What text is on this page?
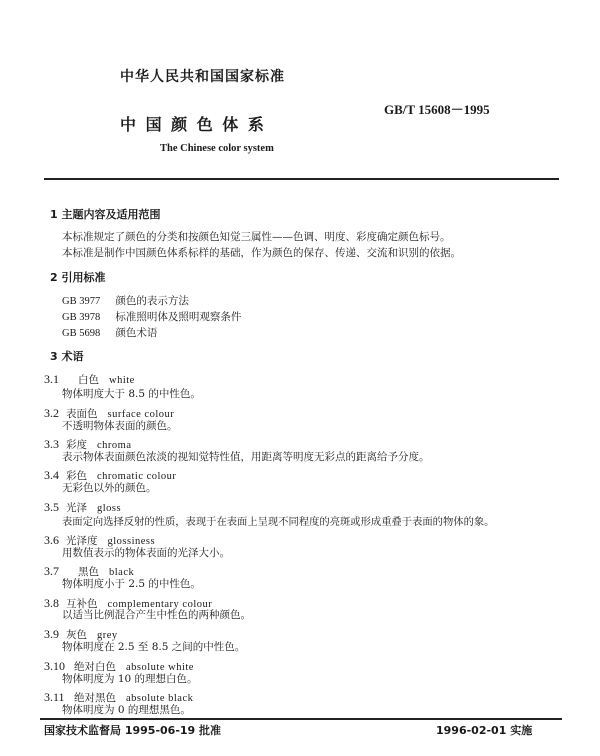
中华人民共和国国家标准
GB/T 15608－1995
中 国 颜 色 体 系
The Chinese color system
1 主题内容及适用范围
本标准规定了颜色的分类和按颜色知觉三属性——色调、明度、彩度确定颜色标号。
本标准是制作中国颜色体系标样的基础，作为颜色的保存、传递、交流和识别的依据。
2 引用标准
GB 3977 颜色的表示方法
GB 3978 标准照明体及照明观察条件
GB 5698 颜色术语
3 术语
3.1 白色 white
物体明度大于 8.5 的中性色。
3.2 表面色 surface colour
不透明物体表面的颜色。
3.3 彩度 chroma
表示物体表面颜色浓淡的视知觉特性值，用距离等明度无彩点的距离给予分度。
3.4 彩色 chromatic colour
无彩色以外的颜色。
3.5 光泽 gloss
表面定向选择反射的性质，表现于在表面上呈现不同程度的亮斑或形成重叠于表面的物体的象。
3.6 光泽度 glossiness
用数值表示的物体表面的光泽大小。
3.7 黑色 black
物体明度小于 2.5 的中性色。
3.8 互补色 complementary colour
以适当比例混合产生中性色的两种颜色。
3.9 灰色 grey
物体明度在 2.5 至 8.5 之间的中性色。
3.10 绝对白色 absolute white
物体明度为 10 的理想白色。
3.11 绝对黑色 absolute black
物体明度为 0 的理想黑色。
国家技术监督局 1995-06-19 批准	1996-02-01 实施
